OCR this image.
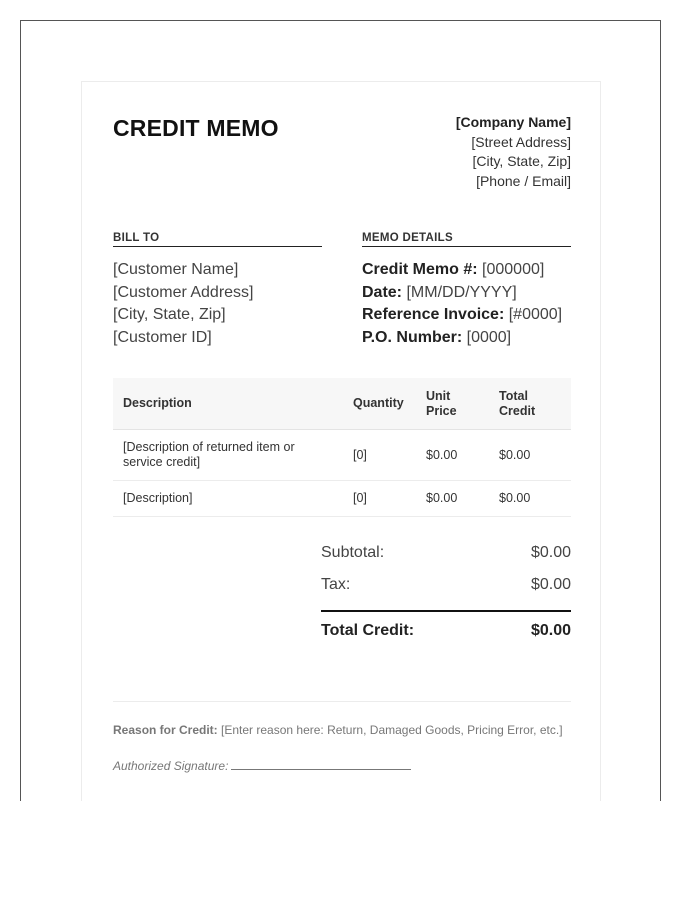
CREDIT MEMO	[Company Name]
[Street Address]
[City, State, Zip]
[Phone / Email]
BILL TO	MEMO DETAILS
[Customer Name]
[Customer Address]
[City, State, Zip]
[Customer ID]
Credit Memo #: [000000]
Date: [MM/DD/YYYY]
Reference Invoice: [#0000]
P.O. Number: [0000]
Description	Quantity	Unit Price	Total Credit
[Description of returned item or service credit]	[0]	$0.00	$0.00
[Description]	[0]	$0.00	$0.00
Subtotal:	$0.00
Tax:	$0.00
Total Credit:	$0.00
Reason for Credit: [Enter reason here: Return, Damaged Goods, Pricing Error, etc.]
Authorized Signature:
